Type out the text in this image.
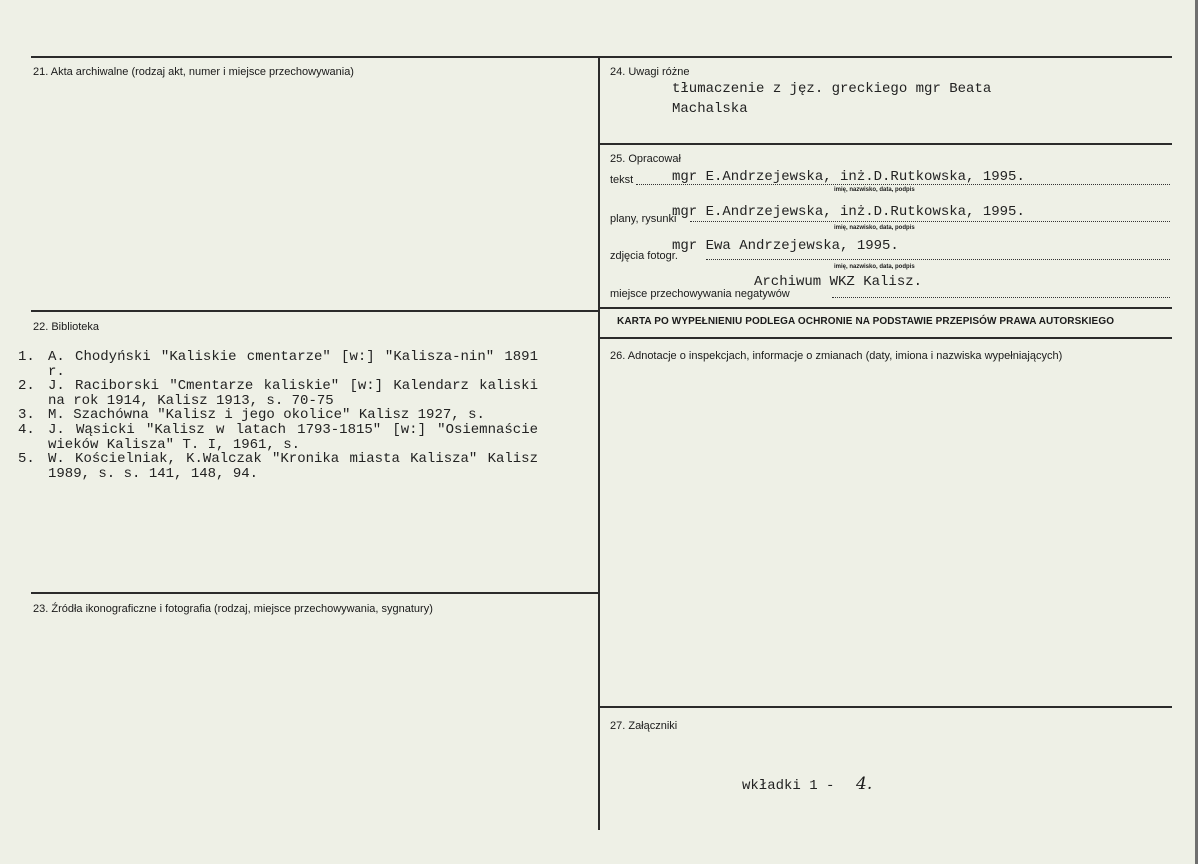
21. Akta archiwalne (rodzaj akt, numer i miejsce przechowywania)
22. Biblioteka
1. A. Chodyński "Kaliskie cmentarze" [w:] "Kalisza-nin" 1891 r.
2. J. Raciborski "Cmentarze kaliskie" [w:] Kalendarz kaliski na rok 1914, Kalisz 1913, s. 70-75
3. M. Szachówna "Kalisz i jego okolice" Kalisz 1927, s.
4. J. Wąsicki "Kalisz w latach 1793-1815" [w:] "Osiemnaście wieków Kalisza" T. I, 1961, s.
5. W. Kościelniak, K.Walczak "Kronika miasta Kalisza" Kalisz 1989, s. s. 141, 148, 94.
23. Źródła ikonograficzne i fotografia (rodzaj, miejsce przechowywania, sygnatury)
24. Uwagi różne
tłumaczenie z jęz. greckiego mgr Beata
Machalska
25. Opracował
tekst	mgr E.Andrzejewska, inż.D.Rutkowska, 1995.
imię, nazwisko, data, podpis
plany, rysunki
mgr E.Andrzejewska, inż.D.Rutkowska, 1995.
imię, nazwisko, data, podpis
zdjęcia fotogr.
mgr Ewa Andrzejewska, 1995.
imię, nazwisko, data, podpis
miejsce przechowywania negatywów
Archiwum WKZ Kalisz.
KARTA PO WYPEŁNIENIU PODLEGA OCHRONIE NA PODSTAWIE PRZEPISÓW PRAWA AUTORSKIEGO
26. Adnotacje o inspekcjach, informacje o zmianach (daty, imiona i nazwiska wypełniających)
27. Załączniki
wkładki 1 - 4.
